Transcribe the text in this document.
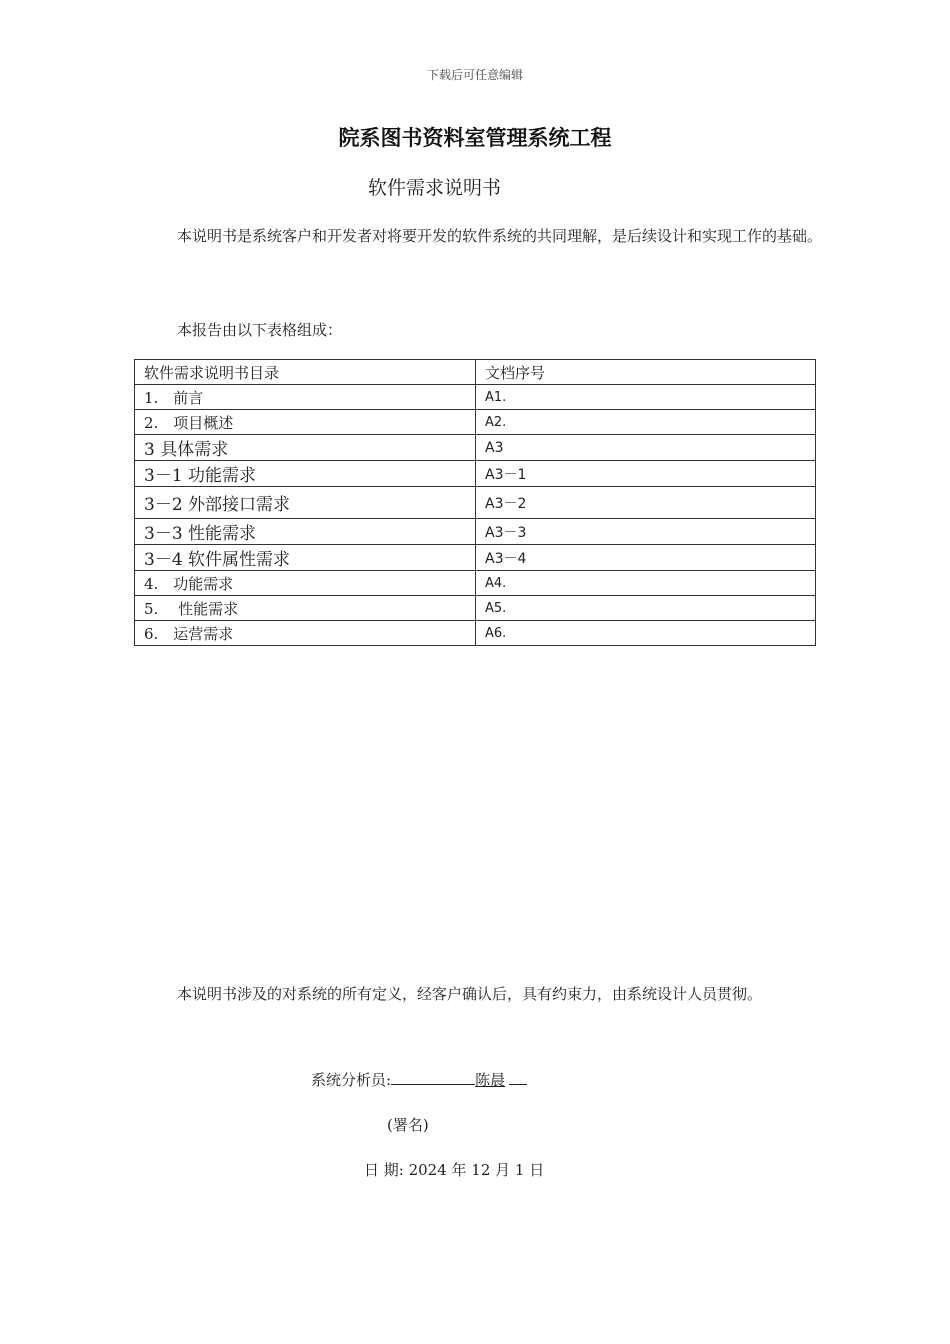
下载后可任意编辑
院系图书资料室管理系统工程
软件需求说明书
本说明书是系统客户和开发者对将要开发的软件系统的共同理解，是后续设计和实现工作的基础。
本报告由以下表格组成：
软件需求说明书目录	文档序号
1.　前言	A1.
2.　项目概述	A2.
3 具体需求	A3
3－1 功能需求	A3－1
3－2 外部接口需求	A3－2
3－3 性能需求	A3－3
3－4 软件属性需求	A3－4
4.　功能需求	A4.
5.　 性能需求	A5.
6.　运营需求	A6.
本说明书涉及的对系统的所有定义，经客户确认后，具有约束力，由系统设计人员贯彻。
系统分析员:	陈晨
(署名)
日 期: 2024 年 12 月 1 日
